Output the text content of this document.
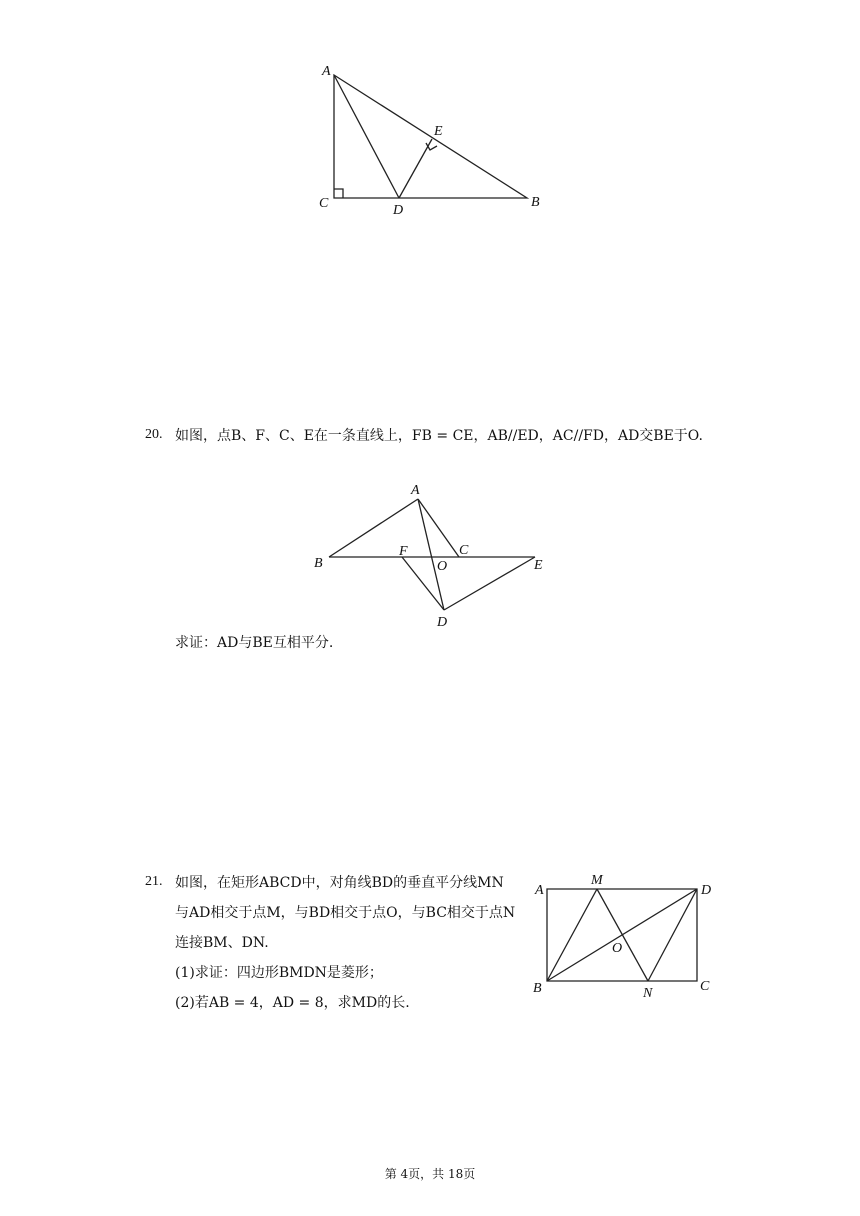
A
E
C	D
B
20. 如图，点B、F、C、E在一条直线上，FB = CE，AB//ED，AC//FD，AD交BE于O.
A
B
F	C
O	E
D
求证：AD与BE互相平分.
21. 如图，在矩形ABCD中，对角线BD的垂直平分线MN
与AD相交于点M，与BD相交于点O，与BC相交于点N
连接BM、DN.
(1)求证：四边形BMDN是菱形；
(2)若AB = 4，AD = 8，求MD的长.
A
M
D
O
B	N	C
第 4页，共 18页
